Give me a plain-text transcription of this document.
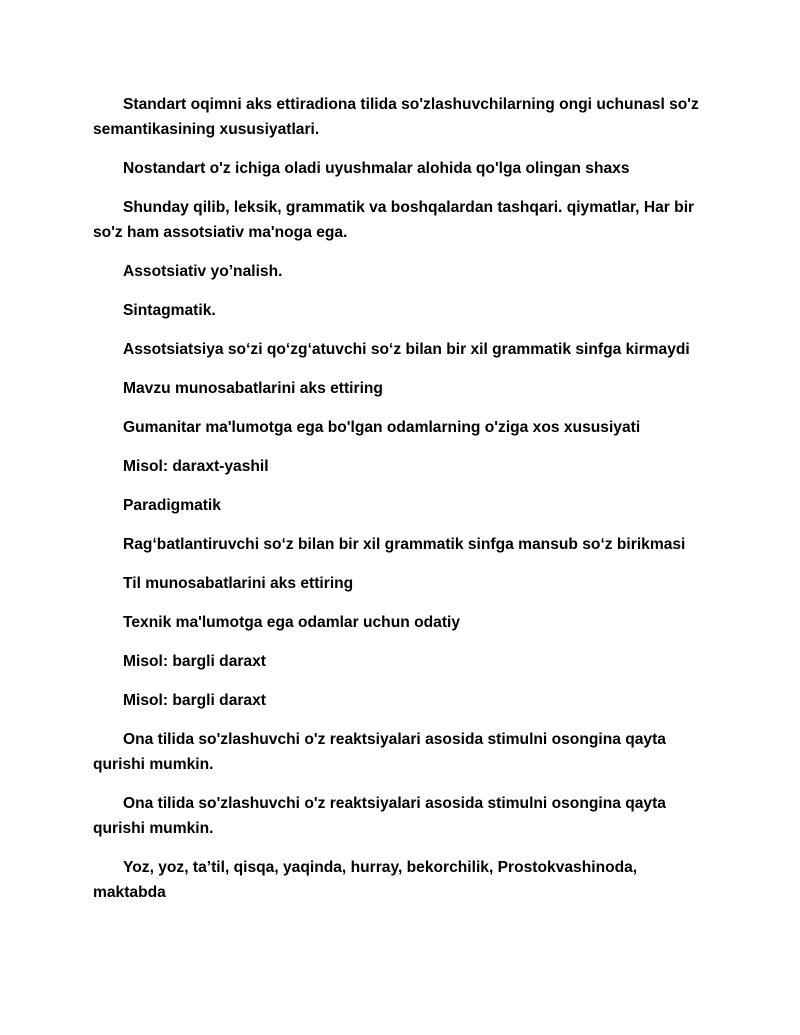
Standart oqimni aks ettiradiona tilida so'zlashuvchilarning ongi uchunasl so'z semantikasining xususiyatlari.

Nostandart o'z ichiga oladi uyushmalar alohida qo'lga olingan shaxs

Shunday qilib, leksik, grammatik va boshqalardan tashqari. qiymatlar, Har bir so'z ham assotsiativ ma'noga ega.

Assotsiativ yo’nalish.

Sintagmatik.

Assotsiatsiya so‘zi qo‘zg‘atuvchi so‘z bilan bir xil grammatik sinfga kirmaydi

Mavzu munosabatlarini aks ettiring

Gumanitar ma'lumotga ega bo'lgan odamlarning o'ziga xos xususiyati

Misol: daraxt-yashil

Paradigmatik

Rag‘batlantiruvchi so‘z bilan bir xil grammatik sinfga mansub so‘z birikmasi

Til munosabatlarini aks ettiring

Texnik ma'lumotga ega odamlar uchun odatiy

Misol: bargli daraxt

Misol: bargli daraxt

Ona tilida so'zlashuvchi o'z reaktsiyalari asosida stimulni osongina qayta qurishi mumkin.

Ona tilida so'zlashuvchi o'z reaktsiyalari asosida stimulni osongina qayta qurishi mumkin.

Yoz, yoz, ta’til, qisqa, yaqinda, hurray, bekorchilik, Prostokvashinoda, maktabda
